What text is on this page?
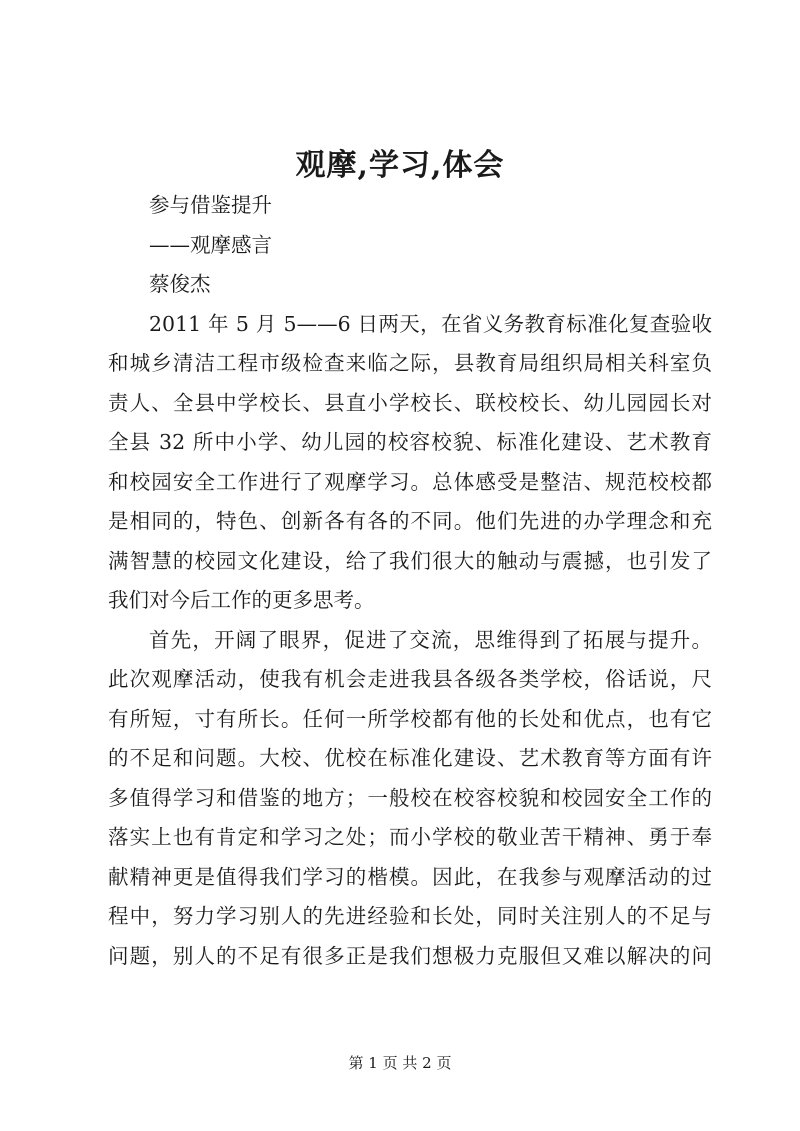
观摩,学习,体会
参与借鉴提升
——观摩感言
蔡俊杰
2011 年 5 月 5——6 日两天，在省义务教育标准化复查验收
和城乡清洁工程市级检查来临之际，县教育局组织局相关科室负
责人、全县中学校长、县直小学校长、联校校长、幼儿园园长对
全县 32 所中小学、幼儿园的校容校貌、标准化建设、艺术教育
和校园安全工作进行了观摩学习。总体感受是整洁、规范校校都
是相同的，特色、创新各有各的不同。他们先进的办学理念和充
满智慧的校园文化建设，给了我们很大的触动与震撼，也引发了
我们对今后工作的更多思考。
首先，开阔了眼界，促进了交流，思维得到了拓展与提升。
此次观摩活动，使我有机会走进我县各级各类学校，俗话说，尺
有所短，寸有所长。任何一所学校都有他的长处和优点，也有它
的不足和问题。大校、优校在标准化建设、艺术教育等方面有许
多值得学习和借鉴的地方；一般校在校容校貌和校园安全工作的
落实上也有肯定和学习之处；而小学校的敬业苦干精神、勇于奉
献精神更是值得我们学习的楷模。因此，在我参与观摩活动的过
程中，努力学习别人的先进经验和长处，同时关注别人的不足与
问题，别人的不足有很多正是我们想极力克服但又难以解决的问
第 1 页 共 2 页
